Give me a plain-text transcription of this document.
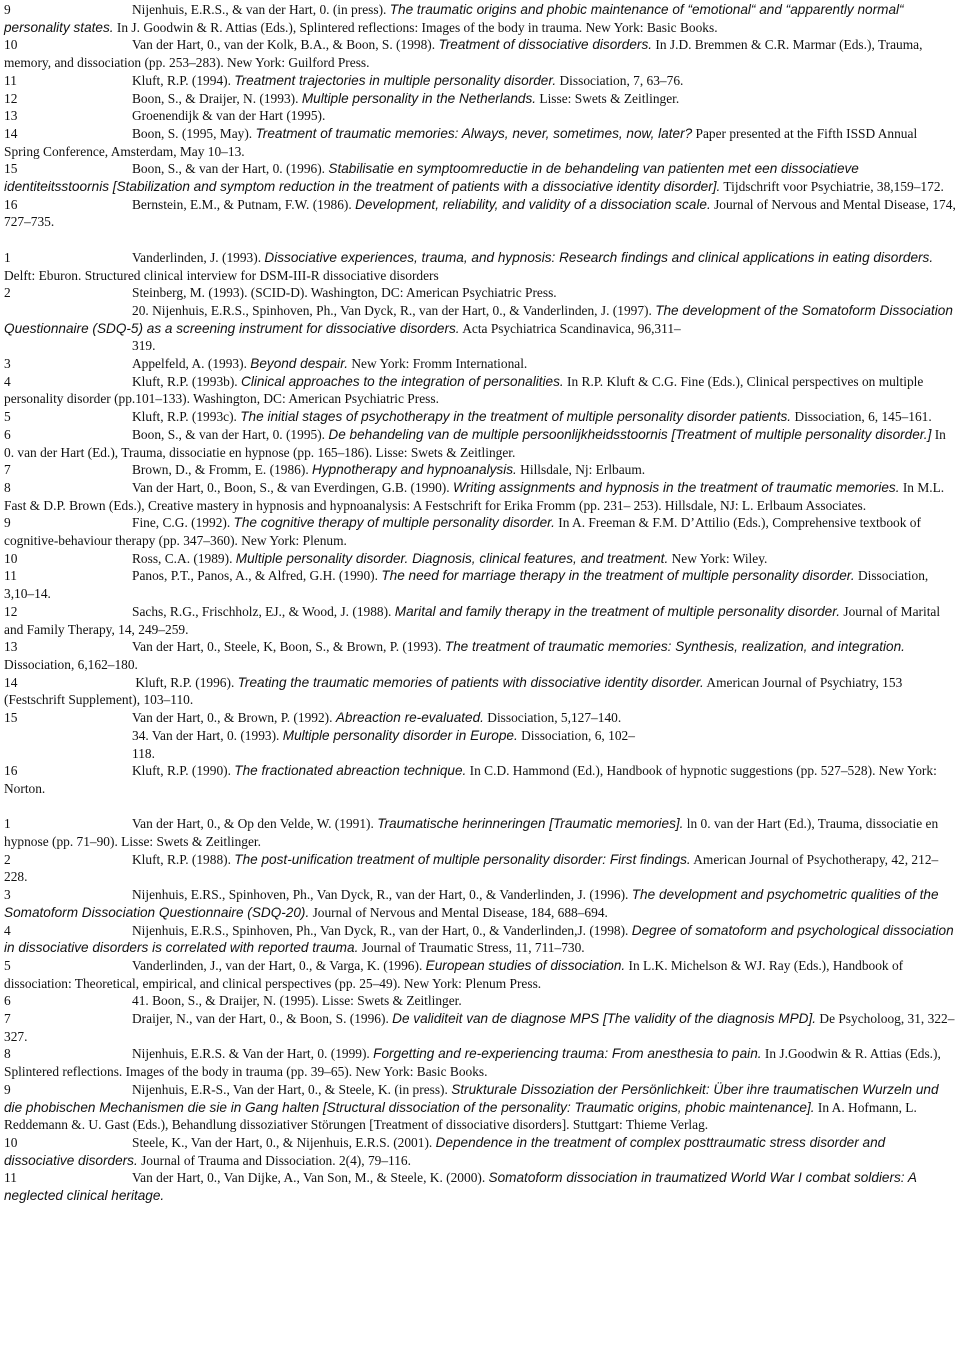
9	Nijenhuis, E.R.S., & van der Hart, 0. (in press). The traumatic origins and phobic maintenance of “emotional“ and “apparently normal“ personality states. In J. Goodwin & R. Attias (Eds.), Splintered reflections: Images of the body in trauma. New York: Basic Books.

10	Van der Hart, 0., van der Kolk, B.A., & Boon, S. (1998). Treatment of dissociative disorders. In J.D. Bremmen & C.R. Marmar (Eds.), Trauma, memory, and dissociation (pp. 253–283). New York: Guilford Press.

11	Kluft, R.P. (1994). Treatment trajectories in multiple personality disorder. Dissociation, 7, 63–76.

12	Boon, S., & Draijer, N. (1993). Multiple personality in the Netherlands. Lisse: Swets & Zeitlinger.

13	Groenendijk & van der Hart (1995).

14	Boon, S. (1995, May). Treatment of traumatic memories: Always, never, sometimes, now, later? Paper presented at the Fifth ISSD Annual Spring Conference, Amsterdam, May 10–13.

15	Boon, S., & van der Hart, 0. (1996). Stabilisatie en symptoomreductie in de behandeling van patienten met een dissociatieve identiteitsstoornis [Stabilization and symptom reduction in the treatment of patients with a dissociative identity disorder]. Tijdschrift voor Psychiatrie, 38,159–172.

16	Bernstein, E.M., & Putnam, F.W. (1986). Development, reliability, and validity of a dissociation scale. Journal of Nervous and Mental Disease, 174, 727–735.

1	Vanderlinden, J. (1993). Dissociative experiences, trauma, and hypnosis: Research findings and clinical applications in eating disorders. Delft: Eburon. Structured clinical interview for DSM-III-R dissociative disorders

2	Steinberg, M. (1993). (SCID-D). Washington, DC: American Psychiatric Press.

20. Nijenhuis, E.R.S., Spinhoven, Ph., Van Dyck, R., van der Hart, 0., & Vanderlinden, J. (1997). The development of the Somatoform Dissociation Questionnaire (SDQ-5) as a screening instrument for dissociative disorders. Acta Psychiatrica Scandinavica, 96,311–

319.

3	Appelfeld, A. (1993). Beyond despair. New York: Fromm International.

4	Kluft, R.P. (1993b). Clinical approaches to the integration of personalities. In R.P. Kluft & C.G. Fine (Eds.), Clinical perspectives on multiple personality disorder (pp.101–133). Washington, DC: American Psychiatric Press.

5	Kluft, R.P. (1993c). The initial stages of psychotherapy in the treatment of multiple personality disorder patients. Dissociation, 6, 145–161.

6	Boon, S., & van der Hart, 0. (1995). De behandeling van de multiple persoonlijkheidsstoornis [Treatment of multiple personality disorder.] In 0. van der Hart (Ed.), Trauma, dissociatie en hypnose (pp. 165–186). Lisse: Swets & Zeitlinger.

7	Brown, D., & Fromm, E. (1986). Hypnotherapy and hypnoanalysis. Hillsdale, Nj: Erlbaum.

8	Van der Hart, 0., Boon, S., & van Everdingen, G.B. (1990). Writing assignments and hypnosis in the treatment of traumatic memories. In M.L. Fast & D.P. Brown (Eds.), Creative mastery in hypnosis and hypnoanalysis: A Festschrift for Erika Fromm (pp. 231– 253). Hillsdale, NJ: L. Erlbaum Associates.

9	Fine, C.G. (1992). The cognitive therapy of multiple personality disorder. In A. Freeman & F.M. D’Attilio (Eds.), Comprehensive textbook of cognitive-behaviour therapy (pp. 347–360). New York: Plenum.

10	Ross, C.A. (1989). Multiple personality disorder. Diagnosis, clinical features, and treatment. New York: Wiley.

11	Panos, P.T., Panos, A., & Alfred, G.H. (1990). The need for marriage therapy in the treatment of multiple personality disorder. Dissociation, 3,10–14.

12	Sachs, R.G., Frischholz, EJ., & Wood, J. (1988). Marital and family therapy in the treatment of multiple personality disorder. Journal of Marital and Family Therapy, 14, 249–259.

13	Van der Hart, 0., Steele, K, Boon, S., & Brown, P. (1993). The treatment of traumatic memories: Synthesis, realization, and integration. Dissociation, 6,162–180.

14	Kluft, R.P. (1996). Treating the traumatic memories of patients with dissociative identity disorder. American Journal of Psychiatry, 153 (Festschrift Supplement), 103–110.

15	Van der Hart, 0., & Brown, P. (1992). Abreaction re-evaluated. Dissociation, 5,127–140.

34. Van der Hart, 0. (1993). Multiple personality disorder in Europe. Dissociation, 6, 102–

118.

16	Kluft, R.P. (1990). The fractionated abreaction technique. In C.D. Hammond (Ed.), Handbook of hypnotic suggestions (pp. 527–528). New York: Norton.

1	Van der Hart, 0., & Op den Velde, W. (1991). Traumatische herinneringen [Traumatic memories]. ln 0. van der Hart (Ed.), Trauma, dissociatie en hypnose (pp. 71–90). Lisse: Swets & Zeitlinger.

2	Kluft, R.P. (1988). The post-unification treatment of multiple personality disorder: First findings. American Journal of Psychotherapy, 42, 212–228.

3	Nijenhuis, E.RS., Spinhoven, Ph., Van Dyck, R., van der Hart, 0., & Vanderlinden, J. (1996). The development and psychometric qualities of the Somatoform Dissociation Questionnaire (SDQ-20). Journal of Nervous and Mental Disease, 184, 688–694.

4	Nijenhuis, E.R.S., Spinhoven, Ph., Van Dyck, R., van der Hart, 0., & Vanderlinden,J. (1998). Degree of somatoform and psychological dissociation in dissociative disorders is correlated with reported trauma. Journal of Traumatic Stress, 11, 711–730.

5	Vanderlinden, J., van der Hart, 0., & Varga, K. (1996). European studies of dissociation. In L.K. Michelson & WJ. Ray (Eds.), Handbook of dissociation: Theoretical, empirical, and clinical perspectives (pp. 25–49). New York: Plenum Press.

6	41. Boon, S., & Draijer, N. (1995). Lisse: Swets & Zeitlinger.

7	Draijer, N., van der Hart, 0., & Boon, S. (1996). De validiteit van de diagnose MPS [The validity of the diagnosis MPD]. De Psycholoog, 31, 322–327.

8	Nijenhuis, E.R.S. & Van der Hart, 0. (1999). Forgetting and re-experiencing trauma: From anesthesia to pain. In J.Goodwin & R. Attias (Eds.), Splintered reflections. Images of the body in trauma (pp. 39–65). New York: Basic Books.

9	Nijenhuis, E.R-S., Van der Hart, 0., & Steele, K. (in press). Strukturale Dissoziation der Persönlichkeit: Über ihre traumatischen Wurzeln und die phobischen Mechanismen die sie in Gang halten [Structural dissociation of the personality: Traumatic origins, phobic maintenance]. In A. Hofmann, L. Reddemann &. U. Gast (Eds.), Behandlung dissoziativer Störungen [Treatment of dissociative disorders]. Stuttgart: Thieme Verlag.

10	Steele, K., Van der Hart, 0., & Nijenhuis, E.R.S. (2001). Dependence in the treatment of complex posttraumatic stress disorder and dissociative disorders. Journal of Trauma and Dissociation. 2(4), 79–116.

11	Van der Hart, 0., Van Dijke, A., Van Son, M., & Steele, K. (2000). Somatoform dissociation in traumatized World War I combat soldiers: A neglected clinical heritage.
